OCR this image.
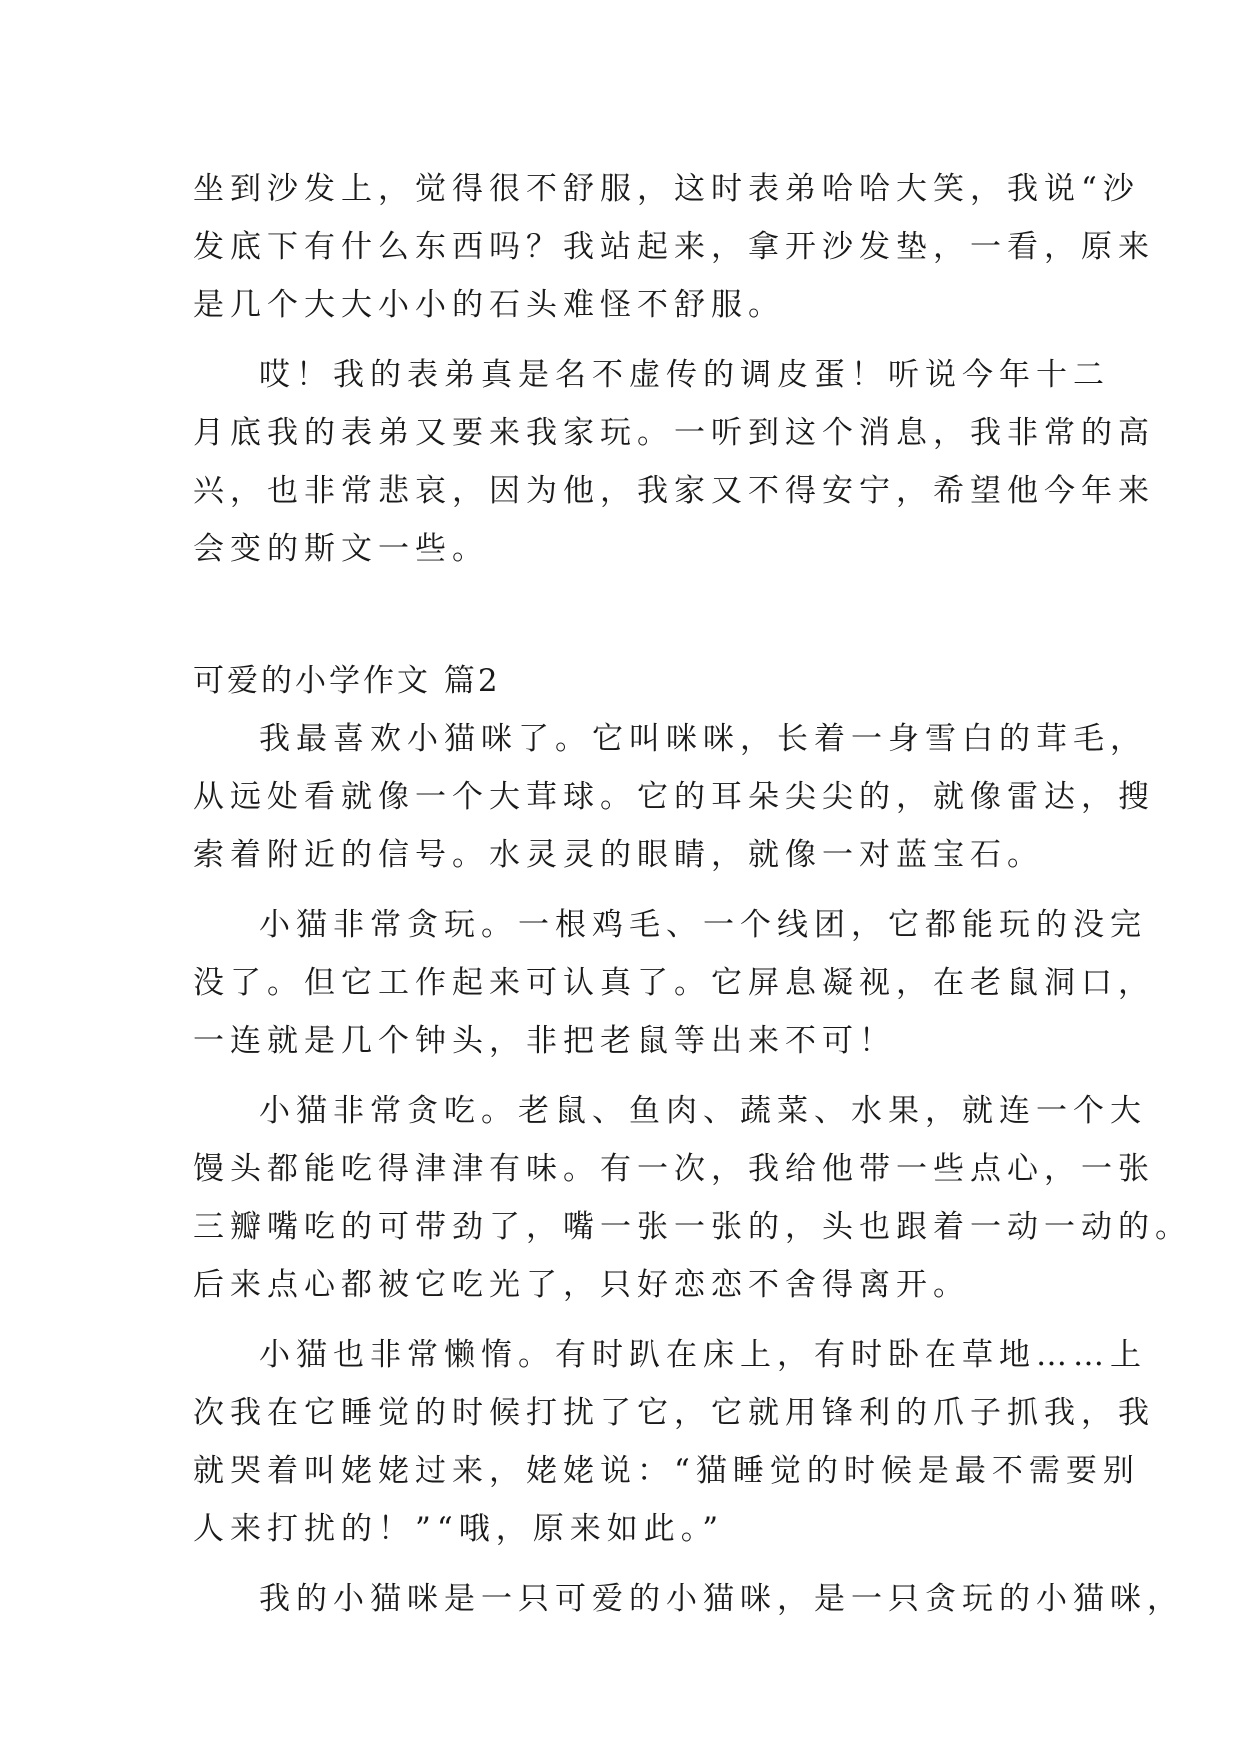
坐到沙发上，觉得很不舒服，这时表弟哈哈大笑，我说“沙
发底下有什么东西吗？我站起来，拿开沙发垫，一看，原来
是几个大大小小的石头难怪不舒服。

哎！我的表弟真是名不虚传的调皮蛋！听说今年十二
月底我的表弟又要来我家玩。一听到这个消息，我非常的高
兴，也非常悲哀，因为他，我家又不得安宁，希望他今年来
会变的斯文一些。

可爱的小学作文 篇2

我最喜欢小猫咪了。它叫咪咪，长着一身雪白的茸毛，
从远处看就像一个大茸球。它的耳朵尖尖的，就像雷达，搜
索着附近的信号。水灵灵的眼睛，就像一对蓝宝石。

小猫非常贪玩。一根鸡毛、一个线团，它都能玩的没完
没了。但它工作起来可认真了。它屏息凝视，在老鼠洞口，
一连就是几个钟头，非把老鼠等出来不可！

小猫非常贪吃。老鼠、鱼肉、蔬菜、水果，就连一个大
馒头都能吃得津津有味。有一次，我给他带一些点心，一张
三瓣嘴吃的可带劲了，嘴一张一张的，头也跟着一动一动的。
后来点心都被它吃光了，只好恋恋不舍得离开。

小猫也非常懒惰。有时趴在床上，有时卧在草地……上
次我在它睡觉的时候打扰了它，它就用锋利的爪子抓我，我
就哭着叫姥姥过来，姥姥说：“猫睡觉的时候是最不需要别
人来打扰的！”“哦，原来如此。”

我的小猫咪是一只可爱的小猫咪，是一只贪玩的小猫咪，
